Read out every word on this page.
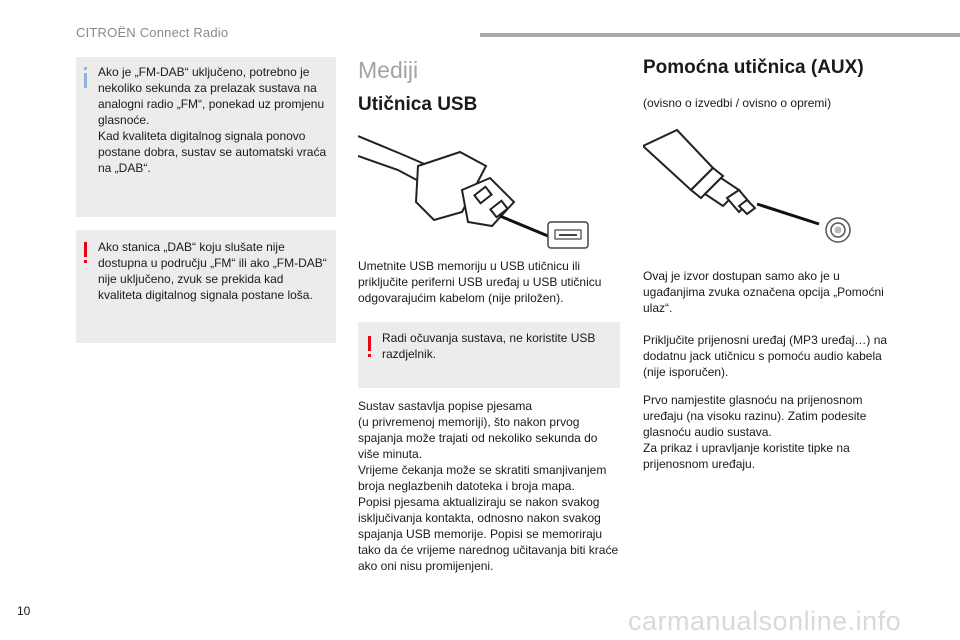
CITROËN Connect Radio

Ako je „FM-DAB“ uključeno, potrebno je nekoliko sekunda za prelazak sustava na analogni radio „FM“, ponekad uz promjenu glasnoće.
Kad kvaliteta digitalnog signala ponovo postane dobra, sustav se automatski vraća na „DAB“.

Ako stanica „DAB“ koju slušate nije dostupna u području „FM“ ili ako „FM-DAB“ nije uključeno, zvuk se prekida kad kvaliteta digitalnog signala postane loša.

Mediji
Utičnica USB

Umetnite USB memoriju u USB utičnicu ili priključite periferni USB uređaj u USB utičnicu odgovarajućim kabelom (nije priložen).

Radi očuvanja sustava, ne koristite USB razdjelnik.

Sustav sastavlja popise pjesama
(u privremenoj memoriji), što nakon prvog spajanja može trajati od nekoliko sekunda do više minuta.
Vrijeme čekanja može se skratiti smanjivanjem broja neglazbenih datoteka i broja mapa.
Popisi pjesama aktualiziraju se nakon svakog isključivanja kontakta, odnosno nakon svakog spajanja USB memorije. Popisi se memoriraju tako da će vrijeme narednog učitavanja biti kraće ako oni nisu promijenjeni.

Pomoćna utičnica (AUX)

(ovisno o izvedbi / ovisno o opremi)

Ovaj je izvor dostupan samo ako je u ugađanjima zvuka označena opcija „Pomoćni ulaz“.

Priključite prijenosni uređaj (MP3 uređaj…) na dodatnu jack utičnicu s pomoću audio kabela (nije isporučen).

Prvo namjestite glasnoću na prijenosnom uređaju (na visoku razinu). Zatim podesite glasnoću audio sustava.
Za prikaz i upravljanje koristite tipke na prijenosnom uređaju.

10	carmanualsonline.info
